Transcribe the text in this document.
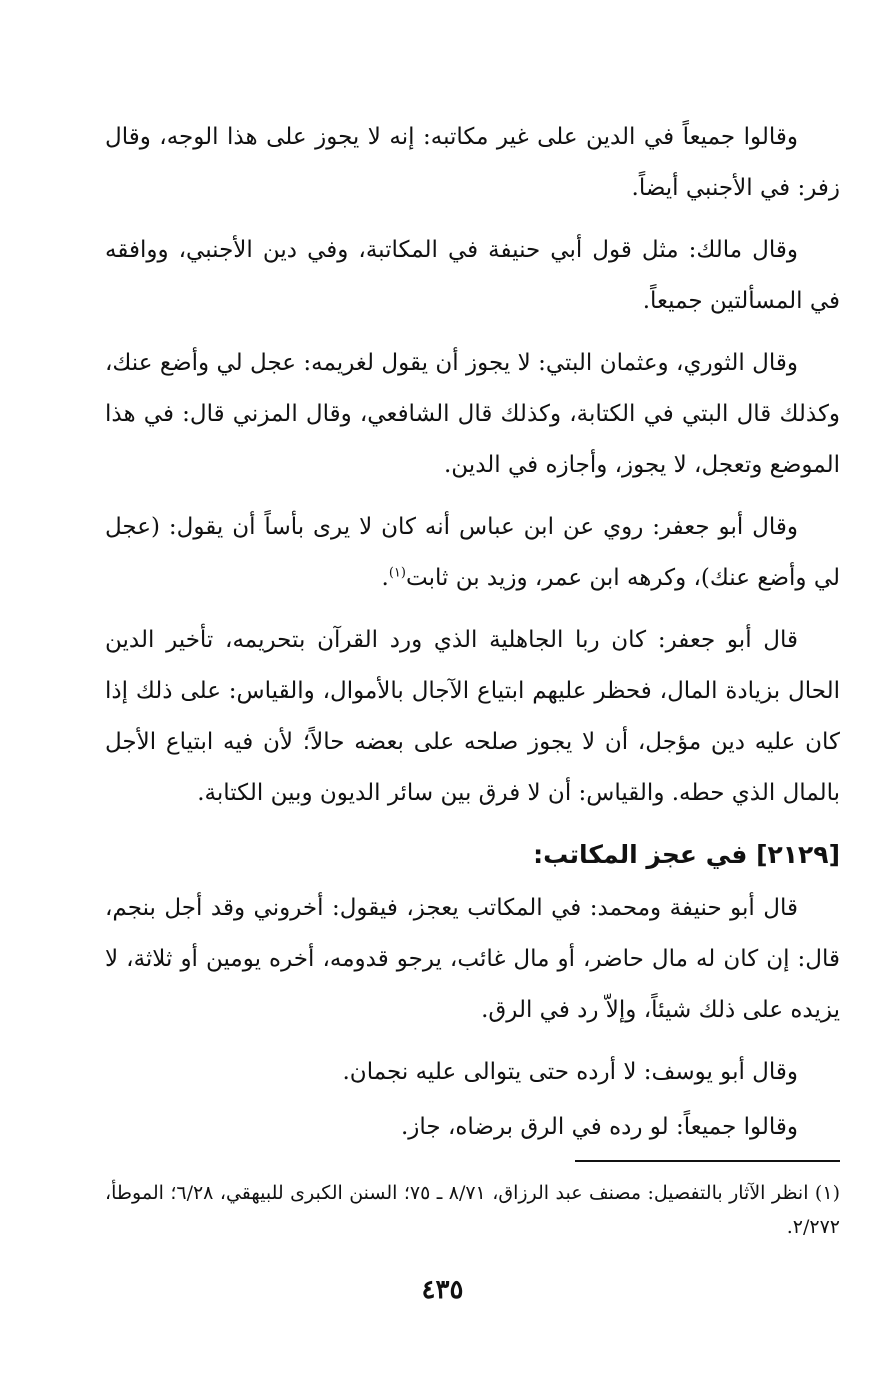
وقالوا جميعاً في الدين على غير مكاتبه: إنه لا يجوز على هذا الوجه، وقال زفر: في الأجنبي أيضاً.

وقال مالك: مثل قول أبي حنيفة في المكاتبة، وفي دين الأجنبي، ووافقه في المسألتين جميعاً.

وقال الثوري، وعثمان البتي: لا يجوز أن يقول لغريمه: عجل لي وأضع عنك، وكذلك قال البتي في الكتابة، وكذلك قال الشافعي، وقال المزني قال: في هذا الموضع وتعجل، لا يجوز، وأجازه في الدين.

وقال أبو جعفر: روي عن ابن عباس أنه كان لا يرى بأساً أن يقول: (عجل لي وأضع عنك)، وكرهه ابن عمر، وزيد بن ثابت$^{(١)}$.

قال أبو جعفر: كان ربا الجاهلية الذي ورد القرآن بتحريمه، تأخير الدين الحال بزيادة المال، فحظر عليهم ابتياع الآجال بالأموال، والقياس: على ذلك إذا كان عليه دين مؤجل، أن لا يجوز صلحه على بعضه حالاً؛ لأن فيه ابتياع الأجل بالمال الذي حطه. والقياس: أن لا فرق بين سائر الديون وبين الكتابة.

[٢١٢٩] في عجز المكاتب:

قال أبو حنيفة ومحمد: في المكاتب يعجز، فيقول: أخروني وقد أجل بنجم، قال: إن كان له مال حاضر، أو مال غائب، يرجو قدومه، أخره يومين أو ثلاثة، لا يزيده على ذلك شيئاً، وإلاّ رد في الرق.

وقال أبو يوسف: لا أرده حتى يتوالى عليه نجمان.

وقالوا جميعاً: لو رده في الرق برضاه، جاز.

(١) انظر الآثار بالتفصيل: مصنف عبد الرزاق، ٨/٧١ ـ ٧٥؛ السنن الكبرى للبيهقي، ٦/٢٨؛ الموطأ، ٢/٢٧٢.

٤٣٥
